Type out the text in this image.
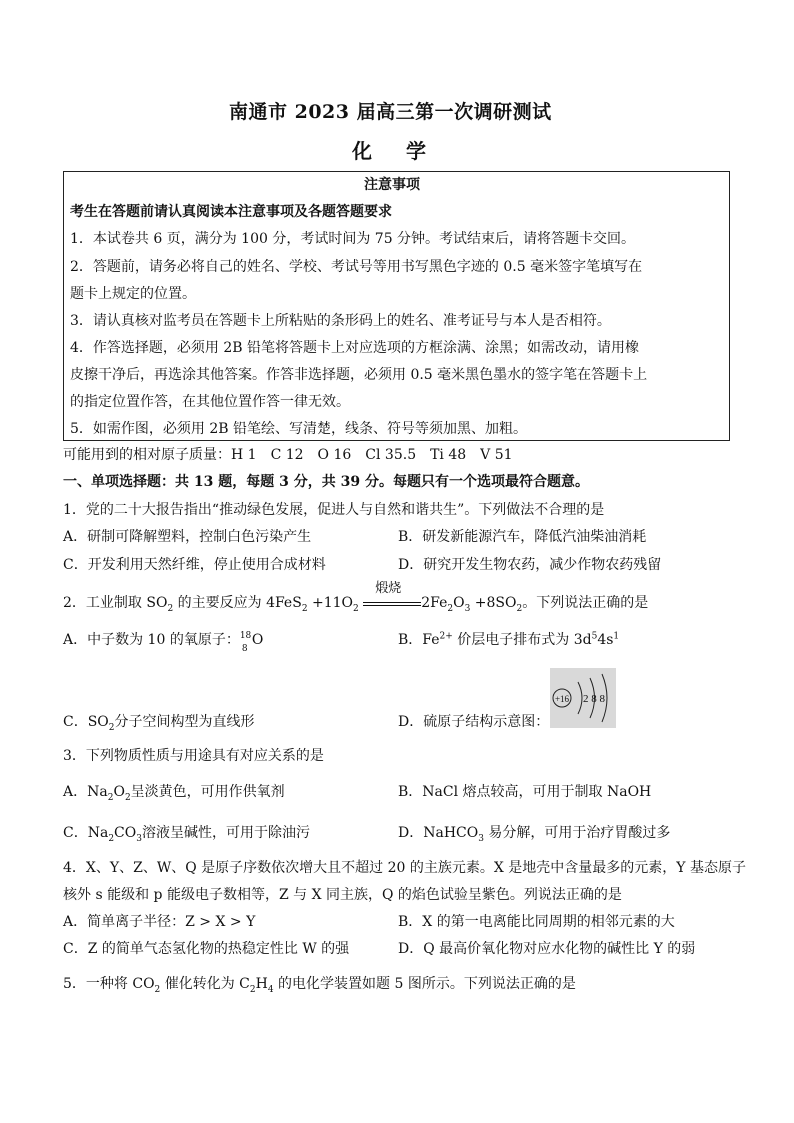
南通市 2023 届高三第一次调研测试
化学
注意事项
考生在答题前请认真阅读本注意事项及各题答题要求
1．本试卷共 6 页，满分为 100 分，考试时间为 75 分钟。考试结束后，请将答题卡交回。
2．答题前，请务必将自己的姓名、学校、考试号等用书写黑色字迹的 0.5 毫米签字笔填写在
题卡上规定的位置。
3．请认真核对监考员在答题卡上所粘贴的条形码上的姓名、准考证号与本人是否相符。
4．作答选择题，必须用 2B 铅笔将答题卡上对应选项的方框涂满、涂黑；如需改动，请用橡
皮擦干净后，再选涂其他答案。作答非选择题，必须用 0.5 毫米黑色墨水的签字笔在答题卡上
的指定位置作答，在其他位置作答一律无效。
5．如需作图，必须用 2B 铅笔绘、写清楚，线条、符号等须加黑、加粗。
可能用到的相对原子质量：H 1　C 12　O 16　Cl 35.5　Ti 48　V 51
一、单项选择题：共 13 题，每题 3 分，共 39 分。每题只有一个选项最符合题意。
1．党的二十大报告指出“推动绿色发展，促进人与自然和谐共生”。下列做法不合理的是
A．研制可降解塑料，控制白色污染产生	B．研发新能源汽车，降低汽油柴油消耗
C．开发利用天然纤维，停止使用合成材料	D．研究开发生物农药，减少作物农药残留
2．工业制取 $SO_2$ 的主要反应为 $4FeS_2 +11O_2$
煅烧
$2Fe_2O_3 +8SO_2$。下列说法正确的是
A．中子数为 10 的氧原子： 18
8
O	B．$Fe^{2+}$ 价层电子排布式为 $3d^54s^1$
C．$SO_2$分子空间构型为直线形	D．硫原子结构示意图：
+16 2 8 8
3．下列物质性质与用途具有对应关系的是
A．$Na_2O_2$呈淡黄色，可用作供氧剂	B．NaCl 熔点较高，可用于制取 NaOH
C．$Na_2CO_3$溶液呈碱性，可用于除油污	D．NaHCO$_3$ 易分解，可用于治疗胃酸过多
4．X、Y、Z、W、Q 是原子序数依次增大且不超过 20 的主族元素。X 是地壳中含量最多的元素，Y 基态原子
核外 s 能级和 p 能级电子数相等，Z 与 X 同主族，Q 的焰色试验呈紫色。列说法正确的是
A．简单离子半径：Z > X > Y	B．X 的第一电离能比同周期的相邻元素的大
C．Z 的简单气态氢化物的热稳定性比 W 的强	D．Q 最高价氧化物对应水化物的碱性比 Y 的弱
5．一种将 $CO_2$ 催化转化为 $C_2H_4$ 的电化学装置如题 5 图所示。下列说法正确的是
